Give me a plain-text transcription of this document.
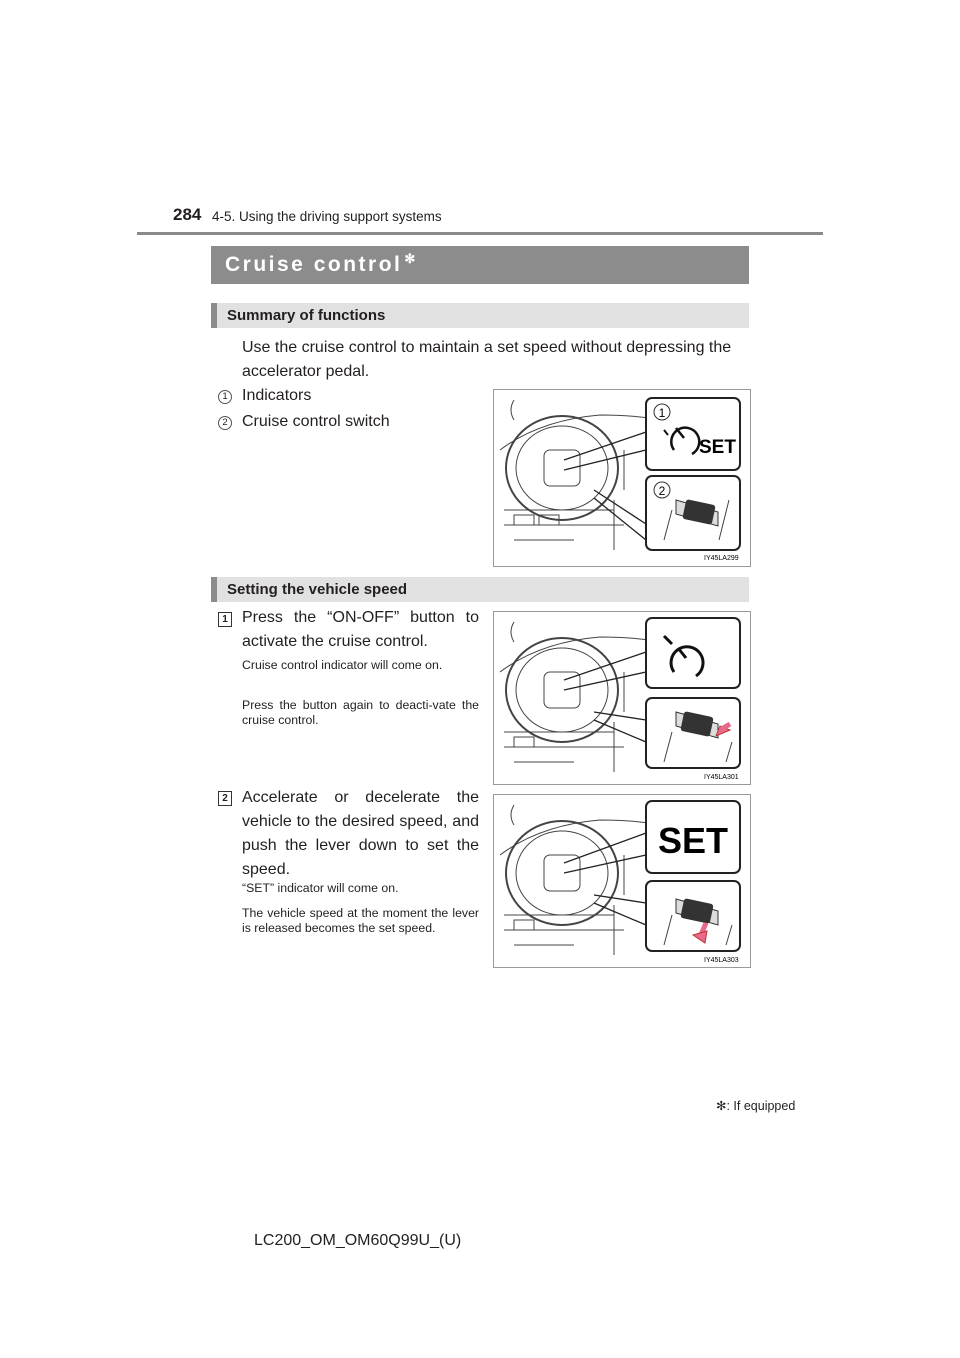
284 4-5. Using the driving support systems
Cruise control ✻
Summary of functions
Use the cruise control to maintain a set speed without depressing the accelerator pedal.
1 Indicators
2 Cruise control switch	1
SET
2
IY45LA299
Setting the vehicle speed
1 Press the “ON-OFF” button to activate the cruise control.
Cruise control indicator will come on.
Press the button again to deacti-vate the cruise control.
IY45LA301
2 Accelerate or decelerate the vehicle to the desired speed, and push the lever down to set the speed.
“SET” indicator will come on.
The vehicle speed at the moment the lever is released becomes the set speed.
SET
IY45LA303
✻: If equipped
LC200_OM_OM60Q99U_(U)
